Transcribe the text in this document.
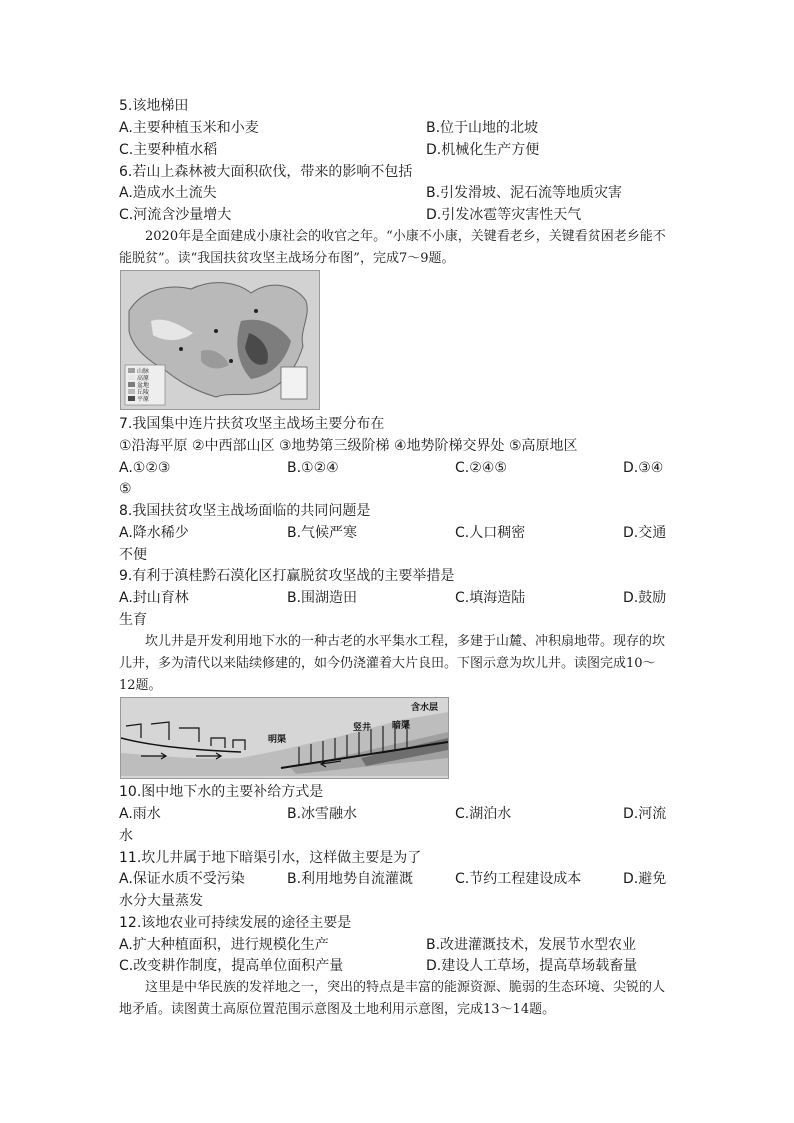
5.该地梯田
A.主要种植玉米和小麦	B.位于山地的北坡
C.主要种植水稻	D.机械化生产方便
6.若山上森林被大面积砍伐，带来的影响不包括
A.造成水土流失	B.引发滑坡、泥石流等地质灾害
C.河流含沙量增大	D.引发冰雹等灾害性天气
2020年是全面建成小康社会的收官之年。“小康不小康，关键看老乡，关键看贫困老乡能不能脱贫”。读“我国扶贫攻坚主战场分布图”，完成7～9题。
山脉
高原
盆地
丘陵
平原
7.我国集中连片扶贫攻坚主战场主要分布在
①沿海平原 ②中西部山区 ③地势第三级阶梯 ④地势阶梯交界处 ⑤高原地区
A.①②③	B.①②④	C.②④⑤	D.③④
⑤
8.我国扶贫攻坚主战场面临的共同问题是
A.降水稀少	B.气候严寒	C.人口稠密	D.交通
不便
9.有利于滇桂黔石漠化区打赢脱贫攻坚战的主要举措是
A.封山育林	B.围湖造田	C.填海造陆	D.鼓励
生育
坎儿井是开发利用地下水的一种古老的水平集水工程，多建于山麓、冲积扇地带。现存的坎儿井，多为清代以来陆续修建的，如今仍浇灌着大片良田。下图示意为坎儿井。读图完成10～12题。
明渠
竖井 暗渠
含水层
10.图中地下水的主要补给方式是
A.雨水	B.冰雪融水	C.湖泊水	D.河流
水
11.坎儿井属于地下暗渠引水，这样做主要是为了
A.保证水质不受污染	B.利用地势自流灌溉	C.节约工程建设成本	D.避免
水分大量蒸发
12.该地农业可持续发展的途径主要是
A.扩大种植面积，进行规模化生产	B.改进灌溉技术，发展节水型农业
C.改变耕作制度，提高单位面积产量	D.建设人工草场，提高草场载畜量
这里是中华民族的发祥地之一，突出的特点是丰富的能源资源、脆弱的生态环境、尖锐的人地矛盾。读图黄土高原位置范围示意图及土地利用示意图，完成13～14题。
